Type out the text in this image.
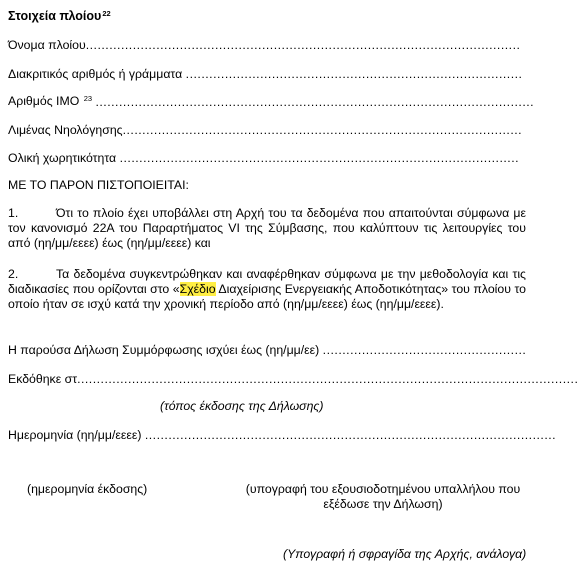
Στοιχεία πλοίου$^{22}$
Όνομα πλοίου...............................................................................................................
Διακριτικός αριθμός ή γράμματα ......................................................................................
Αριθμός IMO $^{23}$ ................................................................................................................
Λιμένας Νηολόγησης......................................................................................................
Ολική χωρητικότητα ......................................................................................................
ΜΕ ΤΟ ΠΑΡΟΝ ΠΙΣΤΟΠΟΙΕΙΤΑΙ:
1.	Ότι το πλοίο έχει υποβάλλει στη Αρχή του τα δεδομένα που απαιτούνται σύμφωνα με τον κανονισμό 22Α του Παραρτήματος VI της Σύμβασης, που καλύπτουν τις λειτουργίες του από (ηη/μμ/εεεε) έως (ηη/μμ/εεεε) και
2.	Τα δεδομένα συγκεντρώθηκαν και αναφέρθηκαν σύμφωνα με την μεθοδολογία και τις διαδικασίες που ορίζονται στο «Σχέδιο Διαχείρισης Ενεργειακής Αποδοτικότητας» του πλοίου το οποίο ήταν σε ισχύ κατά την χρονική περίοδο από (ηη/μμ/εεεε) έως (ηη/μμ/εεεε).
Η παρούσα Δήλωση Συμμόρφωσης ισχύει έως (ηη/μμ/εε) ....................................................
Εκδόθηκε στ................................................................................................................................
(τόπος έκδοσης της Δήλωσης)
Ημερομηνία (ηη/μμ/εεεε) .........................................................................................................
(ημερομηνία έκδοσης)	(υπογραφή του εξουσιοδοτημένου υπαλλήλου που εξέδωσε την Δήλωση)
(Υπογραφή ή σφραγίδα της Αρχής, ανάλογα)
